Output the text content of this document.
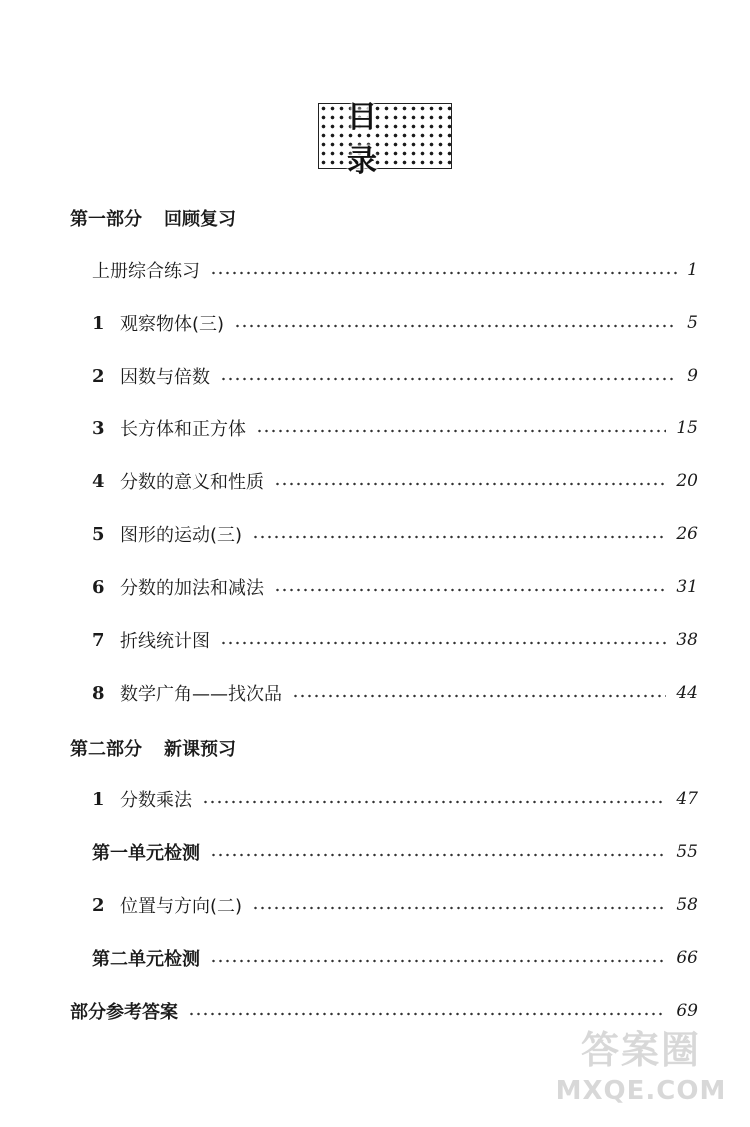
目录
第一部分 回顾复习
上册综合练习	1
1 观察物体(三)	5
2 因数与倍数	9
3 长方体和正方体	15
4 分数的意义和性质	20
5 图形的运动(三)	26
6 分数的加法和减法	31
7 折线统计图	38
8 数学广角——找次品	44
第二部分 新课预习
1 分数乘法	47
第一单元检测	55
2 位置与方向(二)	58
第二单元检测	66
部分参考答案	69
答案圈
MXQE.COM
